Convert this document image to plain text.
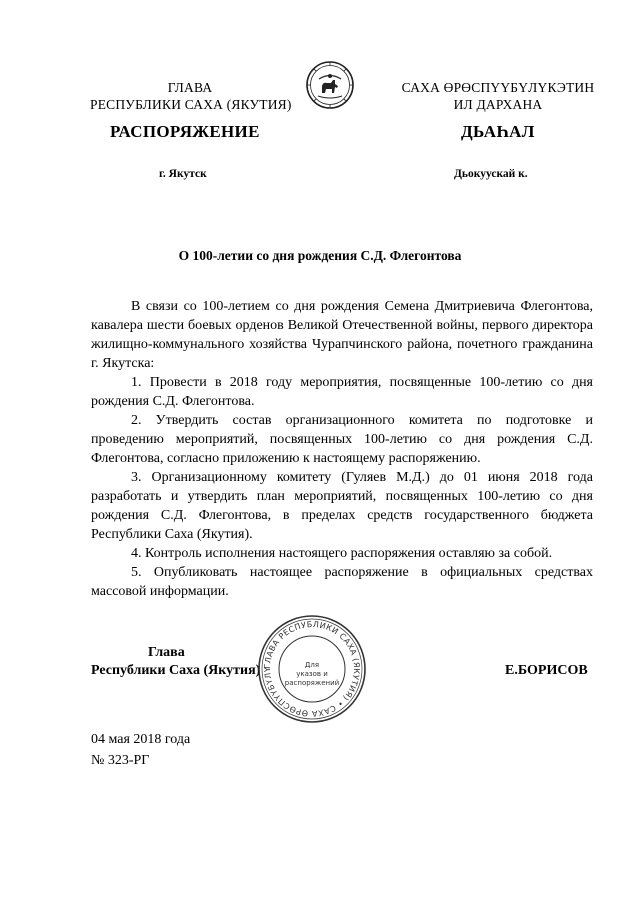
ГЛАВА
РЕСПУБЛИКИ САХА (ЯКУТИЯ)
САХА ӨРӨСПҮҮБҮЛҮКЭТИН
ИЛ ДАРХАНА
РАСПОРЯЖЕНИЕ	ДЬАҺАЛ
г. Якутск	Дьокуускай к.
О 100-летии со дня рождения С.Д. Флегонтова

В связи со 100-летием со дня рождения Семена Дмитриевича Флегонтова, кавалера шести боевых орденов Великой Отечественной войны, первого директора жилищно-коммунального хозяйства Чурапчинского района, почетного гражданина г. Якутска:

1. Провести в 2018 году мероприятия, посвященные 100-летию со дня рождения С.Д. Флегонтова.

2. Утвердить состав организационного комитета по подготовке и проведению мероприятий, посвященных 100-летию со дня рождения С.Д. Флегонтова, согласно приложению к настоящему распоряжению.

3. Организационному комитету (Гуляев М.Д.) до 01 июня 2018 года разработать и утвердить план мероприятий, посвященных 100-летию со дня рождения С.Д. Флегонтова, в пределах средств государственного бюджета Республики Саха (Якутия).

4. Контроль исполнения настоящего распоряжения оставляю за собой.

5. Опубликовать настоящее распоряжение в официальных средствах массовой информации.

Глава
Республики Саха (Якутия)	Е.БОРИСОВ
ГЛАВА РЕСПУБЛИКИ САХА (ЯКУТИЯ) • САХА ӨРӨСПҮҮБҮЛҮ
Для
указов и
распоряжений
04 мая 2018 года
№ 323-РГ
